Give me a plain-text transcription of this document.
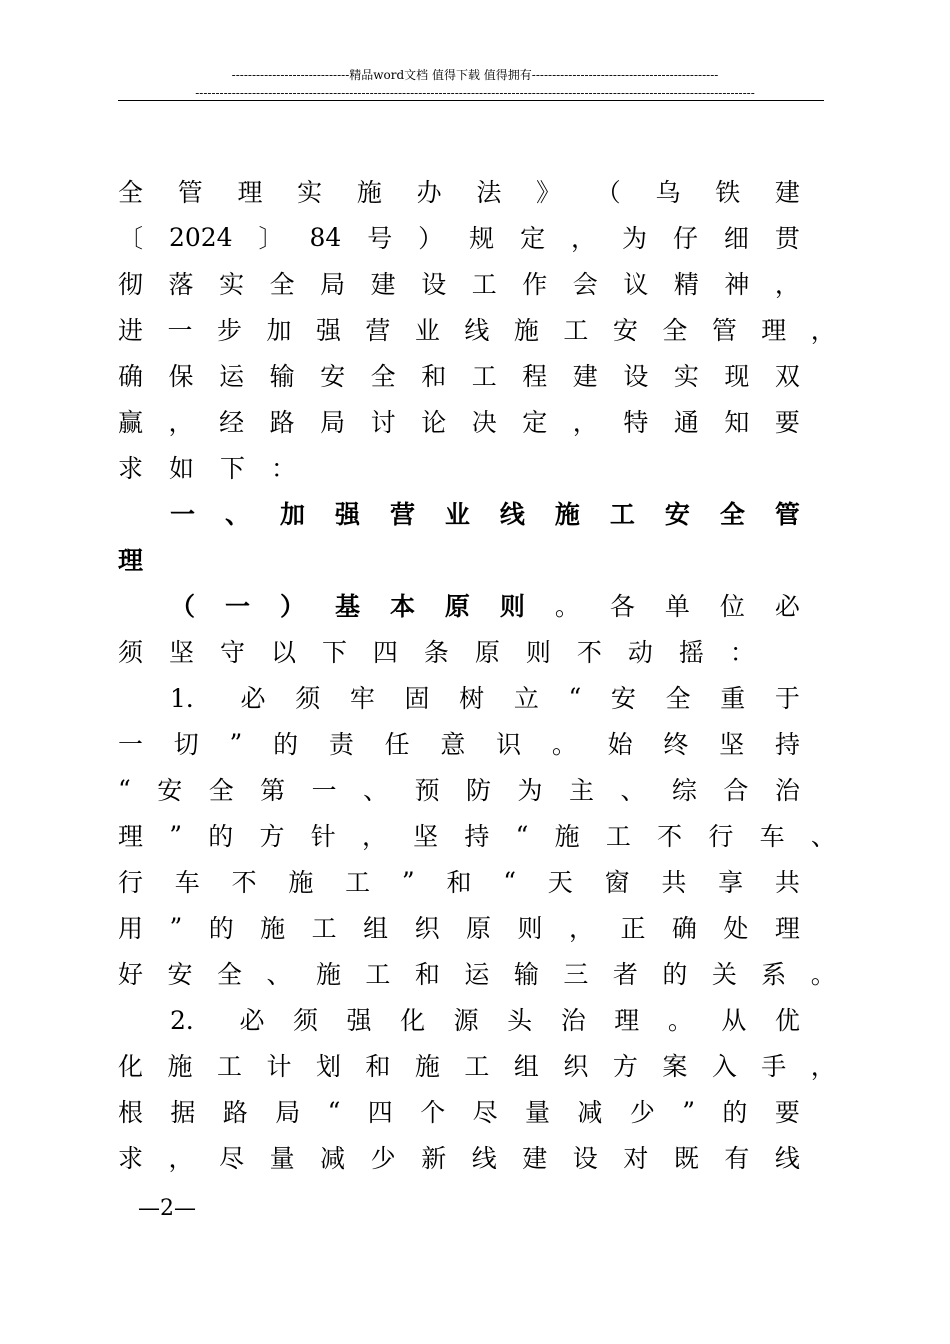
-----------------------------精品word文档 值得下载 值得拥有----------------------------------------------
------------------------------------------------------------------------------------------------------------------------------------------
全 管 理 实 施 办 法 》 （ 乌 铁 建
〔 2024 〕 84 号 ） 规 定 ， 为 仔 细 贯
彻 落 实 全 局 建 设 工 作 会 议 精 神 ，
进 一 步 加 强 营 业 线 施 工 安 全 管 理 ，
确 保 运 输 安 全 和 工 程 建 设 实 现 双
赢 ， 经 路 局 讨 论 决 定 ， 特 通 知 要
求 如 下 ：
一 、 加 强 营 业 线 施 工 安 全 管
理
（ 一 ） 基 本 原 则 。 各 单 位 必
须 坚 守 以 下 四 条 原 则 不 动 摇 ：
1． 必 须 牢 固 树 立 “ 安 全 重 于
一 切 ” 的 责 任 意 识 。 始 终 坚 持
“ 安 全 第 一 、 预 防 为 主 、 综 合 治
理 ” 的 方 针 ， 坚 持 “ 施 工 不 行 车 、
行 车 不 施 工 ” 和 “ 天 窗 共 享 共
用 ” 的 施 工 组 织 原 则 ， 正 确 处 理
好 安 全 、 施 工 和 运 输 三 者 的 关 系 。
2． 必 须 强 化 源 头 治 理 。 从 优
化 施 工 计 划 和 施 工 组 织 方 案 入 手 ，
根 据 路 局 “ 四 个 尽 量 减 少 ” 的 要
求 ， 尽 量 减 少 新 线 建 设 对 既 有 线
—2—
